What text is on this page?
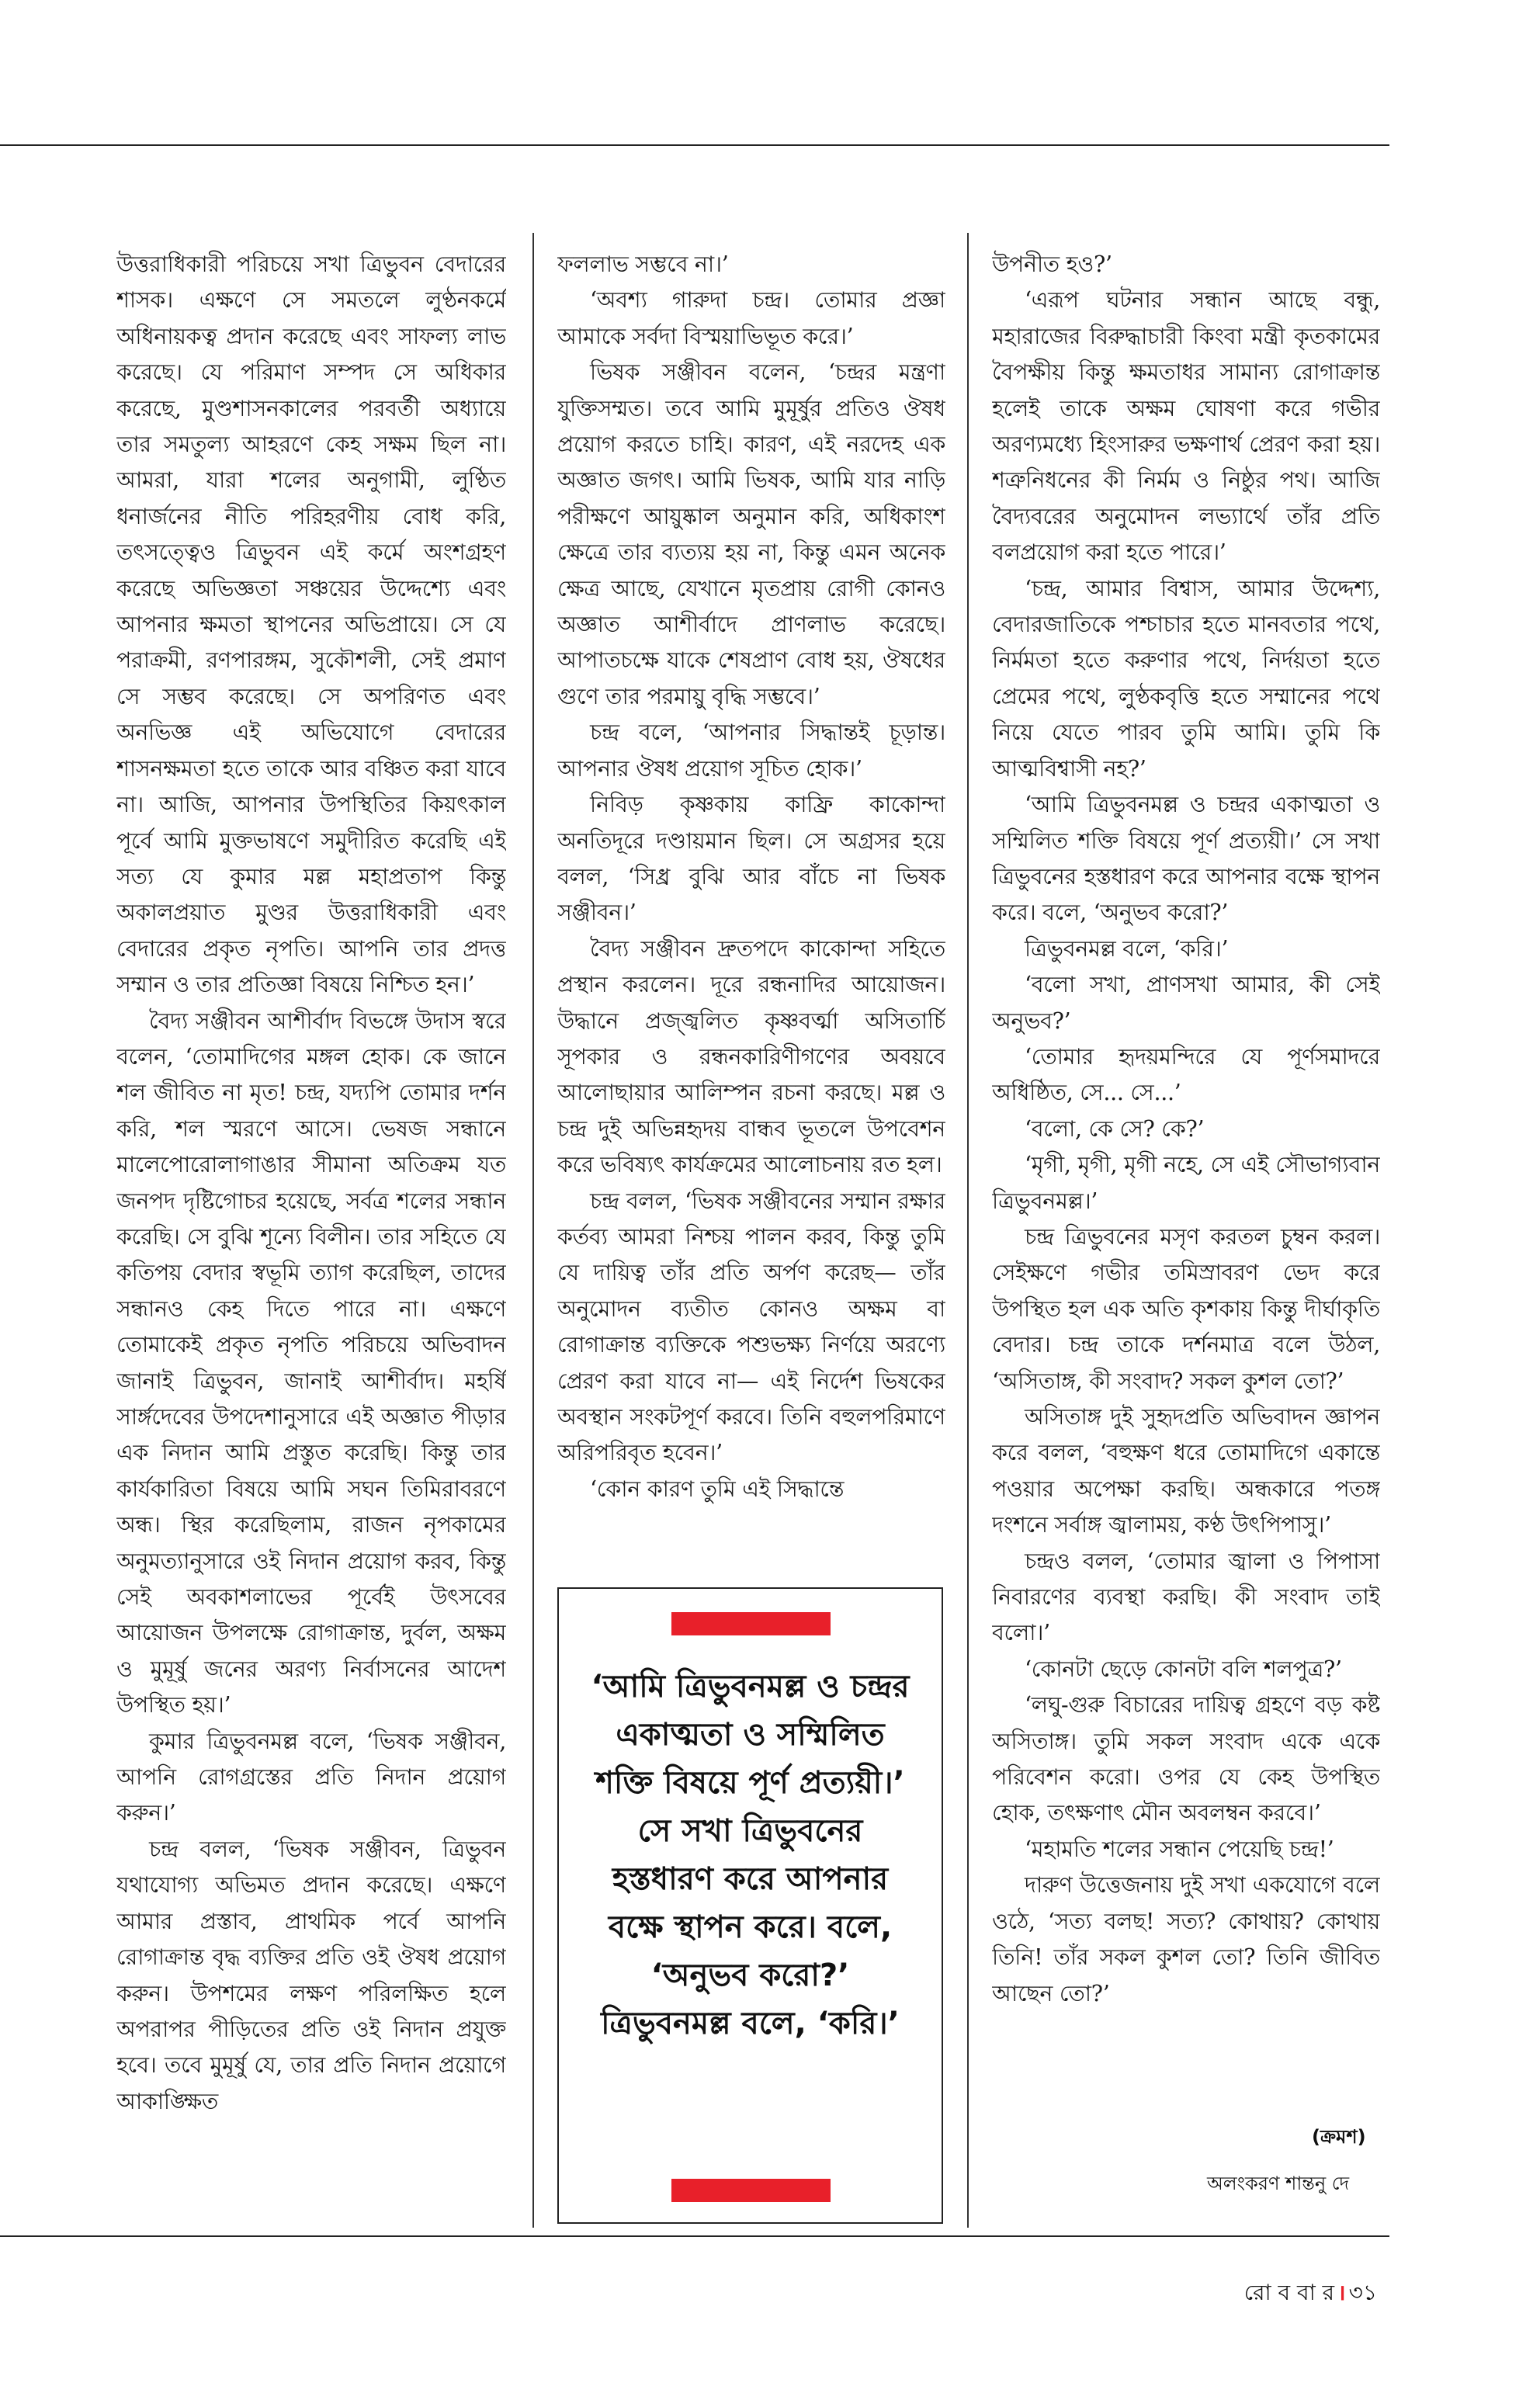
উত্তরাধিকারী পরিচয়ে সখা ত্রিভুবন বেদারের শাসক। এক্ষণে সে সমতলে লুণ্ঠনকর্মে অধিনায়কত্ব প্রদান করেছে এবং সাফল্য লাভ করেছে। যে পরিমাণ সম্পদ সে অধিকার করেছে, মুণ্ডশাসনকালের পরবর্তী অধ্যায়ে তার সমতুল্য আহরণে কেহ সক্ষম ছিল না। আমরা, যারা শলের অনুগামী, লুণ্ঠিত ধনার্জনের নীতি পরিহরণীয় বোধ করি, তৎসত্ত্বেও ত্রিভুবন এই কর্মে অংশগ্রহণ করেছে অভিজ্ঞতা সঞ্চয়ের উদ্দেশ্যে এবং আপনার ক্ষমতা স্থাপনের অভিপ্রায়ে। সে যে পরাক্রমী, রণপারঙ্গম, সুকৌশলী, সেই প্রমাণ সে সম্ভব করেছে। সে অপরিণত এবং অনভিজ্ঞ এই অভিযোগে বেদারের শাসনক্ষমতা হতে তাকে আর বঞ্চিত করা যাবে না। আজি, আপনার উপস্থিতির কিয়ৎকাল পূর্বে আমি মুক্তভাষণে সমুদীরিত করেছি এই সত্য যে কুমার মল্ল মহাপ্রতাপ কিন্তু অকালপ্রয়াত মুণ্ডর উত্তরাধিকারী এবং বেদারের প্রকৃত নৃপতি। আপনি তার প্রদত্ত সম্মান ও তার প্রতিজ্ঞা বিষয়ে নিশ্চিত হন।’

বৈদ্য সঞ্জীবন আশীর্বাদ বিভঙ্গে উদাস স্বরে বলেন, ‘তোমাদিগের মঙ্গল হোক। কে জানে শল জীবিত না মৃত! চন্দ্র, যদ্যপি তোমার দর্শন করি, শল স্মরণে আসে। ভেষজ সন্ধানে মালেপোরোলাগাঙার সীমানা অতিক্রম যত জনপদ দৃষ্টিগোচর হয়েছে, সর্বত্র শলের সন্ধান করেছি। সে বুঝি শূন্যে বিলীন। তার সহিতে যে কতিপয় বেদার স্বভূমি ত্যাগ করেছিল, তাদের সন্ধানও কেহ দিতে পারে না। এক্ষণে তোমাকেই প্রকৃত নৃপতি পরিচয়ে অভিবাদন জানাই ত্রিভুবন, জানাই আশীর্বাদ। মহর্ষি সার্ঙ্গদেবের উপদেশানুসারে এই অজ্ঞাত পীড়ার এক নিদান আমি প্রস্তুত করেছি। কিন্তু তার কার্যকারিতা বিষয়ে আমি সঘন তিমিরাবরণে অন্ধ। স্থির করেছিলাম, রাজন নৃপকামের অনুমত্যানুসারে ওই নিদান প্রয়োগ করব, কিন্তু সেই অবকাশলাভের পূর্বেই উৎসবের আয়োজন উপলক্ষে রোগাক্রান্ত, দুর্বল, অক্ষম ও মুমূর্ষু জনের অরণ্য নির্বাসনের আদেশ উপস্থিত হয়।’

কুমার ত্রিভুবনমল্ল বলে, ‘ভিষক সঞ্জীবন, আপনি রোগগ্রস্তের প্রতি নিদান প্রয়োগ করুন।’

চন্দ্র বলল, ‘ভিষক সঞ্জীবন, ত্রিভুবন যথাযোগ্য অভিমত প্রদান করেছে। এক্ষণে আমার প্রস্তাব, প্রাথমিক পর্বে আপনি রোগাক্রান্ত বৃদ্ধ ব্যক্তির প্রতি ওই ঔষধ প্রয়োগ করুন। উপশমের লক্ষণ পরিলক্ষিত হলে অপরাপর পীড়িতের প্রতি ওই নিদান প্রযুক্ত হবে। তবে মুমূর্ষু যে, তার প্রতি নিদান প্রয়োগে আকাঙ্ক্ষিত

ফললাভ সম্ভবে না।’

‘অবশ্য গারুদা চন্দ্র। তোমার প্রজ্ঞা আমাকে সর্বদা বিস্ময়াভিভূত করে।’

ভিষক সঞ্জীবন বলেন, ‘চন্দ্রর মন্ত্রণা যুক্তিসম্মত। তবে আমি মুমূর্ষুর প্রতিও ঔষধ প্রয়োগ করতে চাহি। কারণ, এই নরদেহ এক অজ্ঞাত জগৎ। আমি ভিষক, আমি যার নাড়ি পরীক্ষণে আয়ুষ্কাল অনুমান করি, অধিকাংশ ক্ষেত্রে তার ব্যত্যয় হয় না, কিন্তু এমন অনেক ক্ষেত্র আছে, যেখানে মৃতপ্রায় রোগী কোনও অজ্ঞাত আশীর্বাদে প্রাণলাভ করেছে। আপাতচক্ষে যাকে শেষপ্রাণ বোধ হয়, ঔষধের গুণে তার পরমায়ু বৃদ্ধি সম্ভবে।’

চন্দ্র বলে, ‘আপনার সিদ্ধান্তই চূড়ান্ত। আপনার ঔষধ প্রয়োগ সূচিত হোক।’

নিবিড় কৃষ্ণকায় কাফ্রি কাকোন্দা অনতিদূরে দণ্ডায়মান ছিল। সে অগ্রসর হয়ে বলল, ‘সিধ্র বুঝি আর বাঁচে না ভিষক সঞ্জীবন।’

বৈদ্য সঞ্জীবন দ্রুতপদে কাকোন্দা সহিতে প্রস্থান করলেন। দূরে রন্ধনাদির আয়োজন। উদ্ধানে প্রজ্জ্বলিত কৃষ্ণবর্ত্মা অসিতার্চি সূপকার ও রন্ধনকারিণীগণের অবয়বে আলোছায়ার আলিম্পন রচনা করছে। মল্ল ও চন্দ্র দুই অভিন্নহৃদয় বান্ধব ভূতলে উপবেশন করে ভবিষ্যৎ কার্যক্রমের আলোচনায় রত হল।

চন্দ্র বলল, ‘ভিষক সঞ্জীবনের সম্মান রক্ষার কর্তব্য আমরা নিশ্চয় পালন করব, কিন্তু তুমি যে দায়িত্ব তাঁর প্রতি অর্পণ করেছ— তাঁর অনুমোদন ব্যতীত কোনও অক্ষম বা রোগাক্রান্ত ব্যক্তিকে পশুভক্ষ্য নির্ণয়ে অরণ্যে প্রেরণ করা যাবে না— এই নির্দেশ ভিষকের অবস্থান সংকটপূর্ণ করবে। তিনি বহুলপরিমাণে অরিপরিবৃত হবেন।’

‘কোন কারণ তুমি এই সিদ্ধান্তে

‘আমি ত্রিভুবনমল্ল ও চন্দ্রর একাত্মতা ও সম্মিলিত শক্তি বিষয়ে পূর্ণ প্রত্যয়ী।’ সে সখা ত্রিভুবনের হস্তধারণ করে আপনার বক্ষে স্থাপন করে। বলে, ‘অনুভব করো?’ ত্রিভুবনমল্ল বলে, ‘করি।’

উপনীত হও?’

‘এরূপ ঘটনার সন্ধান আছে বন্ধু, মহারাজের বিরুদ্ধাচারী কিংবা মন্ত্রী কৃতকামের বৈপক্ষীয় কিন্তু ক্ষমতাধর সামান্য রোগাক্রান্ত হলেই তাকে অক্ষম ঘোষণা করে গভীর অরণ্যমধ্যে হিংসারুর ভক্ষণার্থ প্রেরণ করা হয়। শত্রুনিধনের কী নির্মম ও নিষ্ঠুর পথ। আজি বৈদ্যবরের অনুমোদন লভ্যার্থে তাঁর প্রতি বলপ্রয়োগ করা হতে পারে।’

‘চন্দ্র, আমার বিশ্বাস, আমার উদ্দেশ্য, বেদারজাতিকে পশ্চাচার হতে মানবতার পথে, নির্মমতা হতে করুণার পথে, নির্দয়তা হতে প্রেমের পথে, লুণ্ঠকবৃত্তি হতে সম্মানের পথে নিয়ে যেতে পারব তুমি আমি। তুমি কি আত্মবিশ্বাসী নহ?’

‘আমি ত্রিভুবনমল্ল ও চন্দ্রর একাত্মতা ও সম্মিলিত শক্তি বিষয়ে পূর্ণ প্রত্যয়ী।’ সে সখা ত্রিভুবনের হস্তধারণ করে আপনার বক্ষে স্থাপন করে। বলে, ‘অনুভব করো?’

ত্রিভুবনমল্ল বলে, ‘করি।’

‘বলো সখা, প্রাণসখা আমার, কী সেই অনুভব?’

‘তোমার হৃদয়মন্দিরে যে পূর্ণসমাদরে অধিষ্ঠিত, সে... সে...’

‘বলো, কে সে? কে?’

‘মৃগী, মৃগী, মৃগী নহে, সে এই সৌভাগ্যবান ত্রিভুবনমল্ল।’

চন্দ্র ত্রিভুবনের মসৃণ করতল চুম্বন করল। সেইক্ষণে গভীর তমিস্রাবরণ ভেদ করে উপস্থিত হল এক অতি কৃশকায় কিন্তু দীর্ঘাকৃতি বেদার। চন্দ্র তাকে দর্শনমাত্র বলে উঠল, ‘অসিতাঙ্গ, কী সংবাদ? সকল কুশল তো?’

অসিতাঙ্গ দুই সুহৃদপ্রতি অভিবাদন জ্ঞাপন করে বলল, ‘বহুক্ষণ ধরে তোমাদিগে একান্তে পওয়ার অপেক্ষা করছি। অন্ধকারে পতঙ্গ দংশনে সর্বাঙ্গ জ্বালাময়, কণ্ঠ উৎপিপাসু।’

চন্দ্রও বলল, ‘তোমার জ্বালা ও পিপাসা নিবারণের ব্যবস্থা করছি। কী সংবাদ তাই বলো।’

‘কোনটা ছেড়ে কোনটা বলি শলপুত্র?’

‘লঘু-গুরু বিচারের দায়িত্ব গ্রহণে বড় কষ্ট অসিতাঙ্গ। তুমি সকল সংবাদ একে একে পরিবেশন করো। ওপর যে কেহ উপস্থিত হোক, তৎক্ষণাৎ মৌন অবলম্বন করবে।’

‘মহামতি শলের সন্ধান পেয়েছি চন্দ্র!’

দারুণ উত্তেজনায় দুই সখা একযোগে বলে ওঠে, ‘সত্য বলছ! সত্য? কোথায়? কোথায় তিনি! তাঁর সকল কুশল তো? তিনি জীবিত আছেন তো?’

(ক্রমশ)
অলংকরণ শান্তনু দে
রো ব বা র । ৩১
